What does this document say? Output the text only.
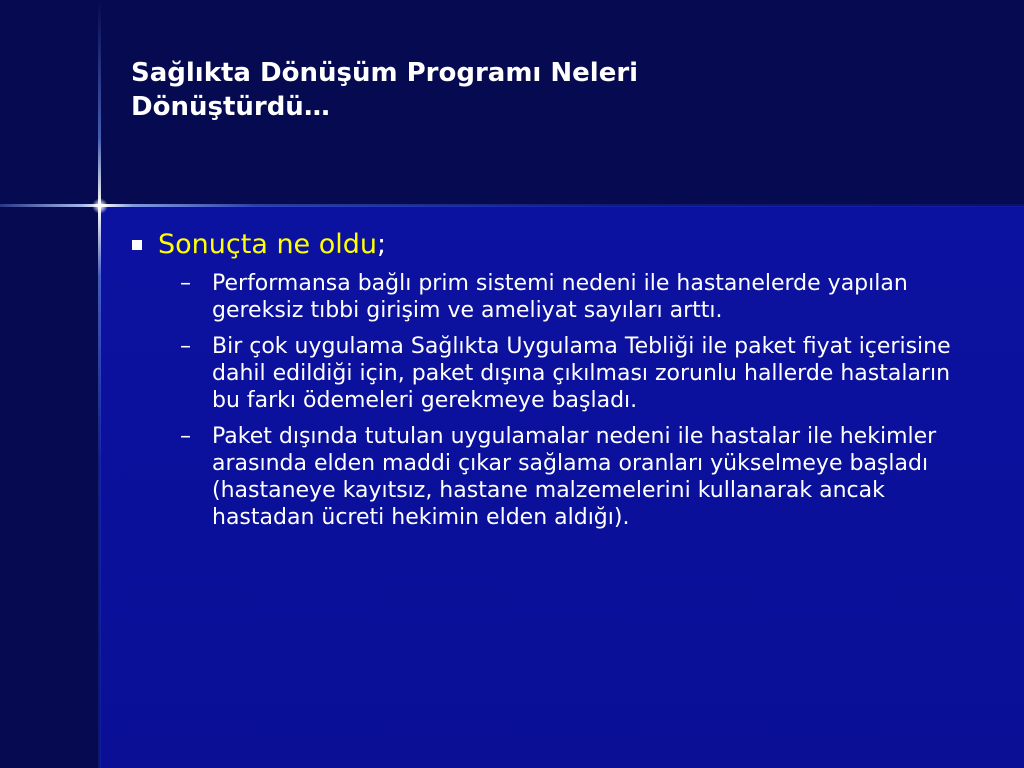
Sağlıkta Dönüşüm Programı Neleri
Dönüştürdü…
Sonuçta ne oldu;
– Performansa bağlı prim sistemi nedeni ile hastanelerde yapılan gereksiz tıbbi girişim ve ameliyat sayıları arttı.
– Bir çok uygulama Sağlıkta Uygulama Tebliği ile paket fiyat içerisine dahil edildiği için, paket dışına çıkılması zorunlu hallerde hastaların bu farkı ödemeleri gerekmeye başladı.
– Paket dışında tutulan uygulamalar nedeni ile hastalar ile hekimler arasında elden maddi çıkar sağlama oranları yükselmeye başladı (hastaneye kayıtsız, hastane malzemelerini kullanarak ancak hastadan ücreti hekimin elden aldığı).
